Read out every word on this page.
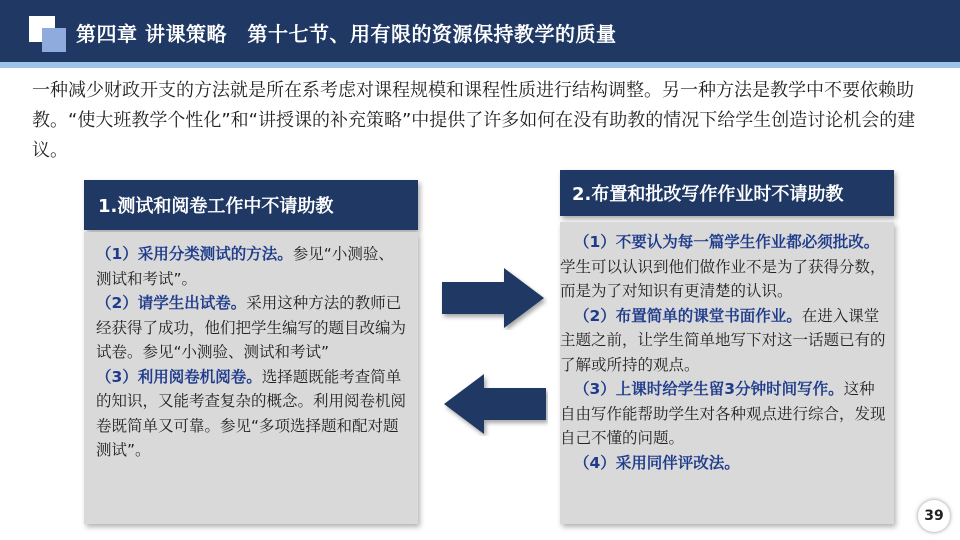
第四章 讲课策略　第十七节、用有限的资源保持教学的质量
一种减少财政开支的方法就是所在系考虑对课程规模和课程性质进行结构调整。另一种方法是教学中不要依赖助教。“使大班教学个性化”和“讲授课的补充策略”中提供了许多如何在没有助教的情况下给学生创造讨论机会的建议。
1.测试和阅卷工作中不请助教
（1）采用分类测试的方法。参见“小测验、测试和考试”。
（2）请学生出试卷。采用这种方法的教师已经获得了成功，他们把学生编写的题目改编为试卷。参见“小测验、测试和考试”
（3）利用阅卷机阅卷。选择题既能考查简单的知识，又能考查复杂的概念。利用阅卷机阅卷既简单又可靠。参见“多项选择题和配对题测试”。
2.布置和批改写作作业时不请助教
（1）不要认为每一篇学生作业都必须批改。学生可以认识到他们做作业不是为了获得分数，而是为了对知识有更清楚的认识。
（2）布置简单的课堂书面作业。在进入课堂主题之前，让学生简单地写下对这一话题已有的了解或所持的观点。
（3）上课时给学生留3分钟时间写作。这种自由写作能帮助学生对各种观点进行综合，发现自己不懂的问题。
（4）采用同伴评改法。
39
